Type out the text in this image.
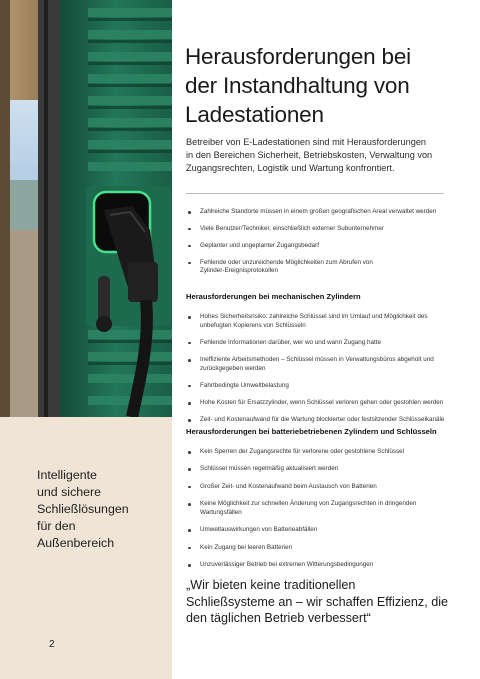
Intelligente
und sichere
Schließlösungen
für den
Außenbereich
2
Herausforderungen bei
der Instandhaltung von
Ladestationen

Betreiber von E-Ladestationen sind mit Herausforderungen
in den Bereichen Sicherheit, Betriebskosten, Verwaltung von
Zugangsrechten, Logistik und Wartung konfrontiert.

Zahlreiche Standorte müssen in einem großen geografischen Areal verwaltet werden
Viele Benutzer/Techniker, einschließlich externer Subunternehmer
Geplanter und ungeplanter Zugangsbedarf
Fehlende oder unzureichende Möglichkeiten zum Abrufen von
Zylinder-Ereignisprotokollen
Herausforderungen bei mechanischen Zylindern
Hohes Sicherheitsrisiko: zahlreiche Schlüssel sind im Umlauf und Möglichkeit des
unbefugten Kopierens von Schlüsseln
Fehlende Informationen darüber, wer wo und wann Zugang hatte
Ineffiziente Arbeitsmethoden – Schlüssel müssen in Verwaltungsbüros abgeholt und
zurückgegeben werden
Fahrtbedingte Umweltbelastung
Hohe Kosten für Ersatzzylinder, wenn Schlüssel verloren gehen oder gestohlen werden
Zeit- und Kostenaufwand für die Wartung blockierter oder festsitzender Schlüsselkanäle
Herausforderungen bei batteriebetriebenen Zylindern und Schlüsseln
Kein Sperren der Zugangsrechte für verlorene oder gestohlene Schlüssel
Schlüssel müssen regelmäßig aktualisiert werden
Großer Zeit- und Kostenaufwand beim Austausch von Batterien
Keine Möglichkeit zur schnellen Änderung von Zugangsrechten in dringenden
Wartungsfällen
Umweltauswirkungen von Batterieabfällen
Kein Zugang bei leeren Batterien
Unzuverlässiger Betrieb bei extremen Witterungsbedingungen
„Wir bieten keine traditionellen
Schließsysteme an – wir schaffen Effizienz, die
den täglichen Betrieb verbessert“
